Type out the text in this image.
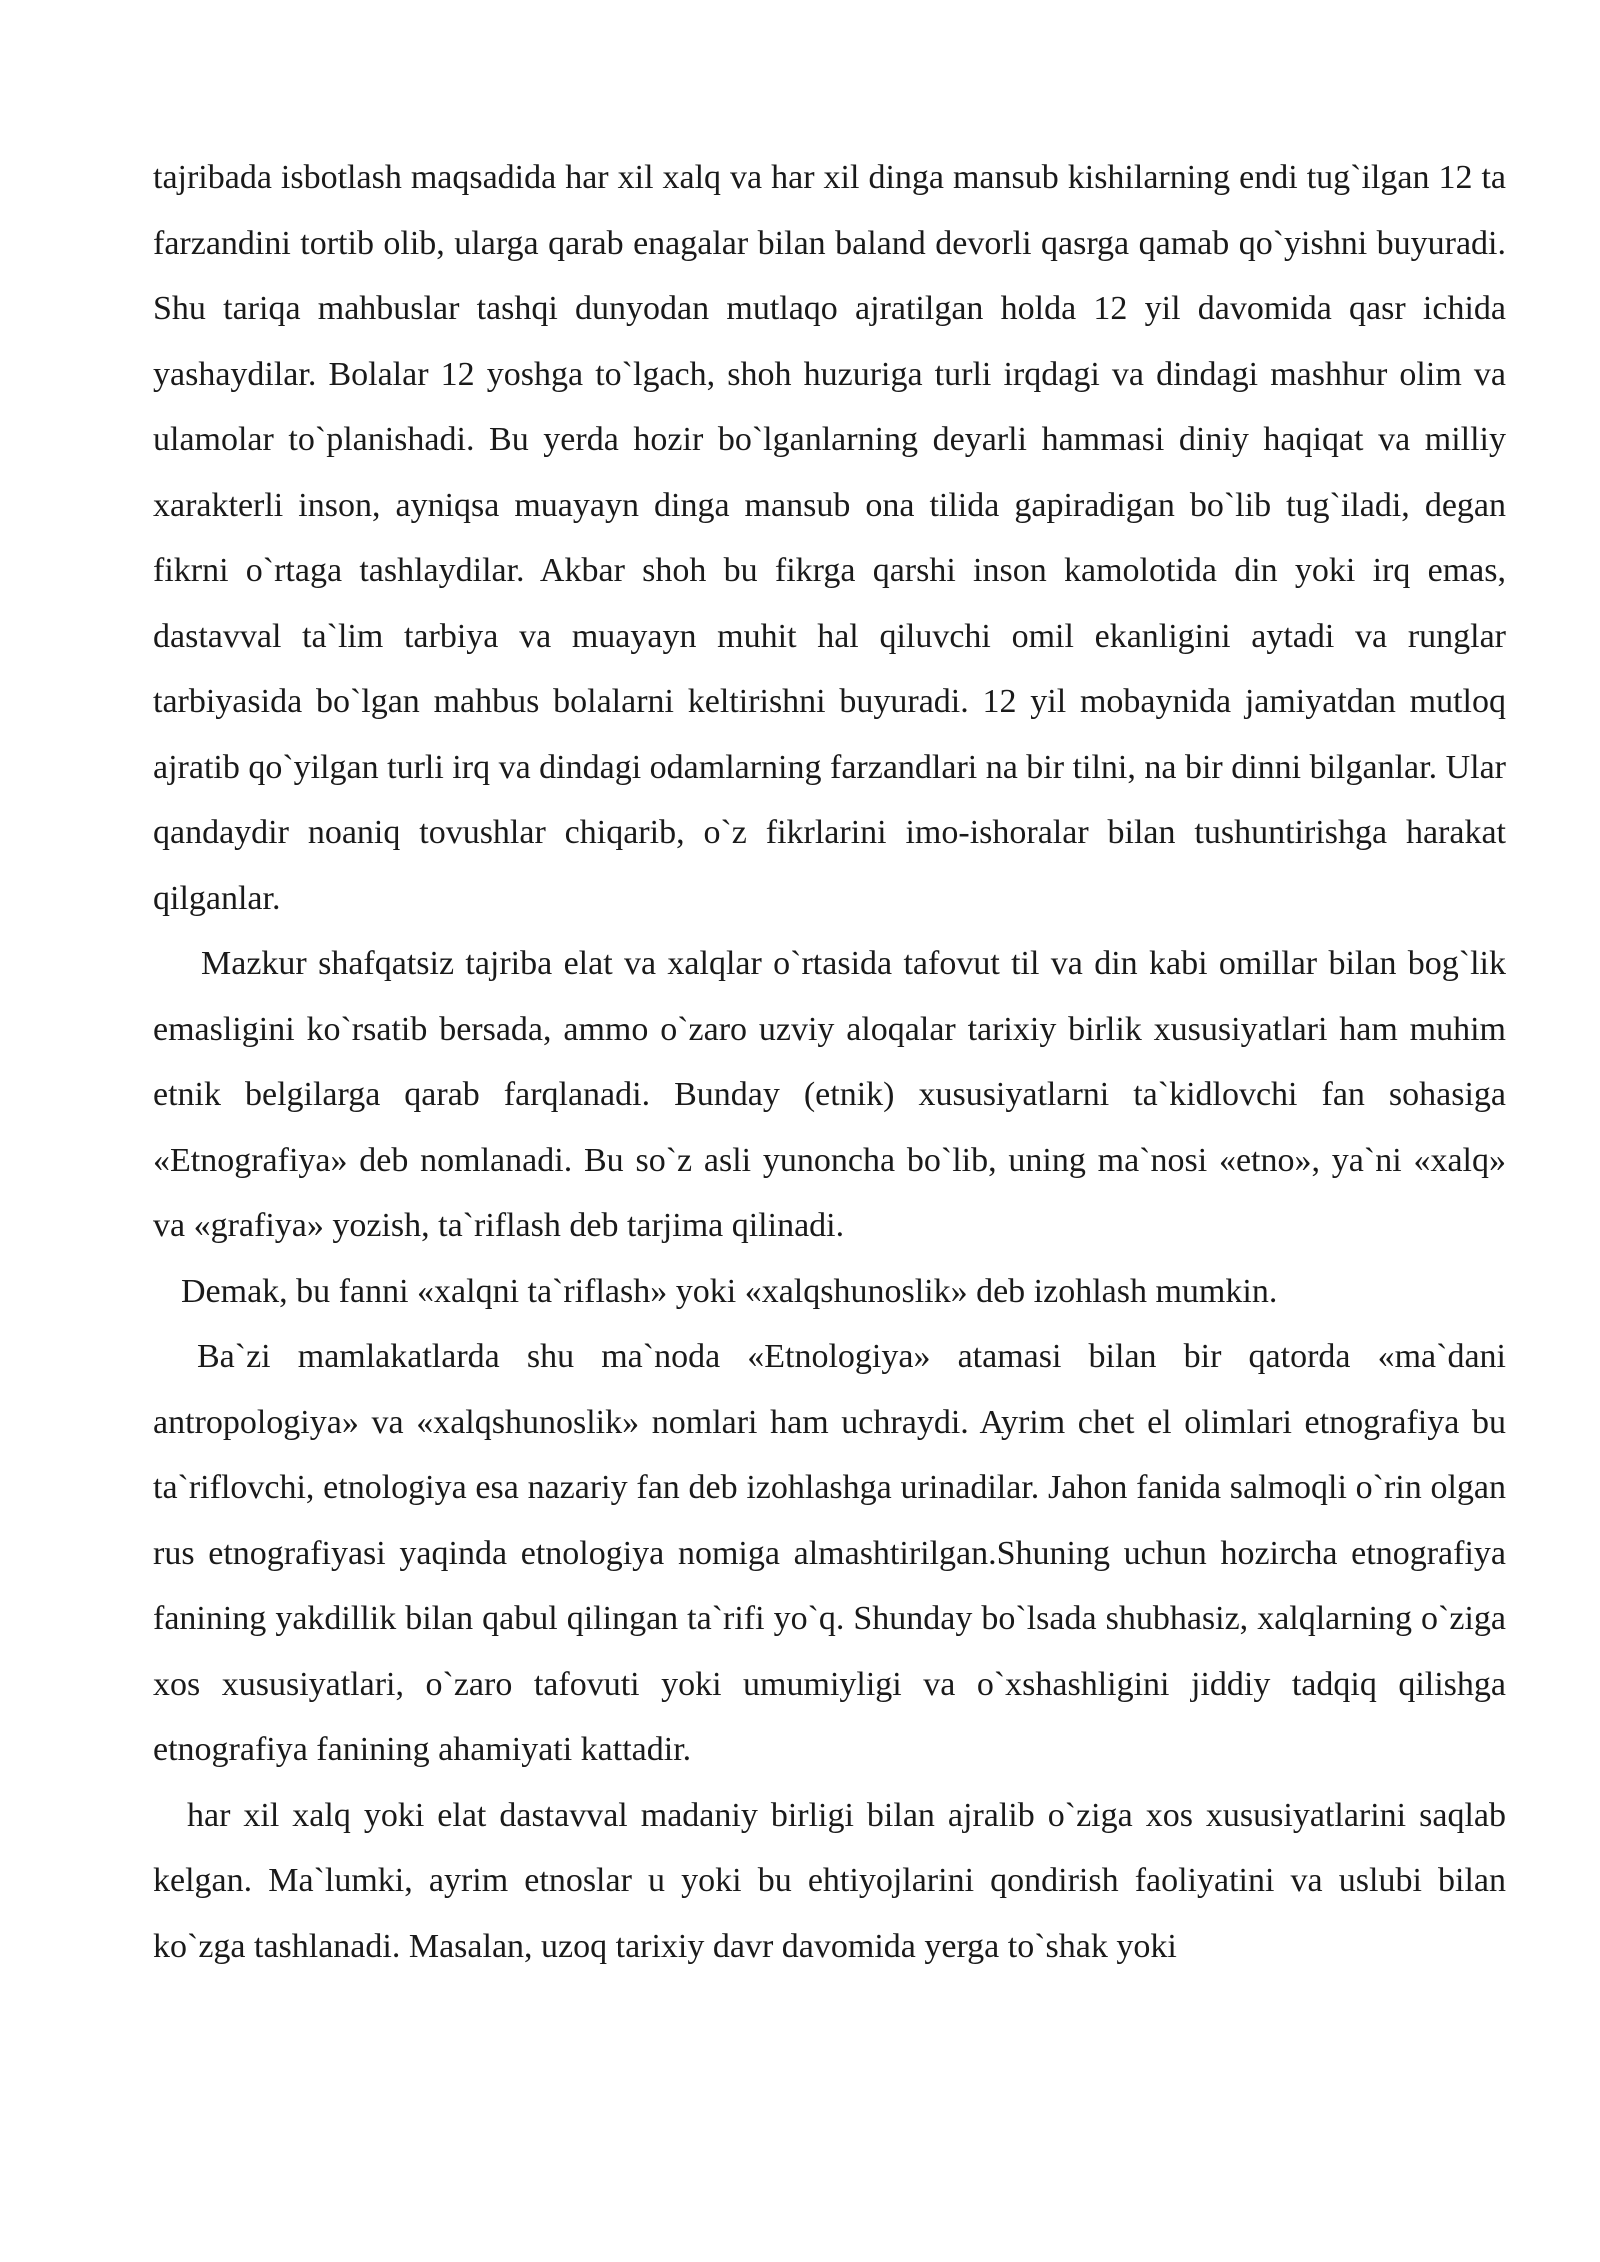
tajribada isbotlash maqsadida har xil xalq va har xil dinga mansub kishilarning endi tug`ilgan 12 ta farzandini tortib olib, ularga qarab enagalar bilan baland devorli qasrga qamab qo`yishni buyuradi. Shu tariqa mahbuslar tashqi dunyodan mutlaqo ajratilgan holda 12 yil davomida qasr ichida yashaydilar. Bolalar 12 yoshga to`lgach, shoh huzuriga turli irqdagi va dindagi mashhur olim va ulamolar to`planishadi. Bu yerda hozir bo`lganlarning deyarli hammasi diniy haqiqat va milliy xarakterli inson, ayniqsa muayayn dinga mansub ona tilida gapiradigan bo`lib tug`iladi, degan fikrni o`rtaga tashlaydilar. Akbar shoh bu fikrga qarshi inson kamolotida din yoki irq emas, dastavval ta`lim tarbiya va muayayn muhit hal qiluvchi omil ekanligini aytadi va runglar tarbiyasida bo`lgan mahbus bolalarni keltirishni buyuradi. 12 yil mobaynida jamiyatdan mutloq ajratib qo`yilgan turli irq va dindagi odamlarning farzandlari na bir tilni, na bir dinni bilganlar. Ular qandaydir noaniq tovushlar chiqarib, o`z fikrlarini imo-ishoralar bilan tushuntirishga harakat qilganlar.

Mazkur shafqatsiz tajriba elat va xalqlar o`rtasida tafovut til va din kabi omillar bilan bog`lik emasligini ko`rsatib bersada, ammo o`zaro uzviy aloqalar tarixiy birlik xususiyatlari ham muhim etnik belgilarga qarab farqlanadi. Bunday (etnik) xususiyatlarni ta`kidlovchi fan sohasiga «Etnografiya» deb nomlanadi. Bu so`z asli yunoncha bo`lib, uning ma`nosi «etno», ya`ni «xalq» va «grafiya» yozish, ta`riflash deb tarjima qilinadi.

Demak, bu fanni «xalqni ta`riflash» yoki «xalqshunoslik» deb izohlash mumkin.

Ba`zi mamlakatlarda shu ma`noda «Etnologiya» atamasi bilan bir qatorda «ma`dani antropologiya» va «xalqshunoslik» nomlari ham uchraydi. Ayrim chet el olimlari etnografiya bu ta`riflovchi, etnologiya esa nazariy fan deb izohlashga urinadilar. Jahon fanida salmoqli o`rin olgan rus etnografiyasi yaqinda etnologiya nomiga almashtirilgan.Shuning uchun hozircha etnografiya fanining yakdillik bilan qabul qilingan ta`rifi yo`q. Shunday bo`lsada shubhasiz, xalqlarning o`ziga xos xususiyatlari, o`zaro tafovuti yoki umumiyligi va o`xshashligini jiddiy tadqiq qilishga etnografiya fanining ahamiyati kattadir.

har xil xalq yoki elat dastavval madaniy birligi bilan ajralib o`ziga xos xususiyatlarini saqlab kelgan. Ma`lumki, ayrim etnoslar u yoki bu ehtiyojlarini qondirish faoliyatini va uslubi bilan ko`zga tashlanadi. Masalan, uzoq tarixiy davr davomida yerga to`shak yoki
